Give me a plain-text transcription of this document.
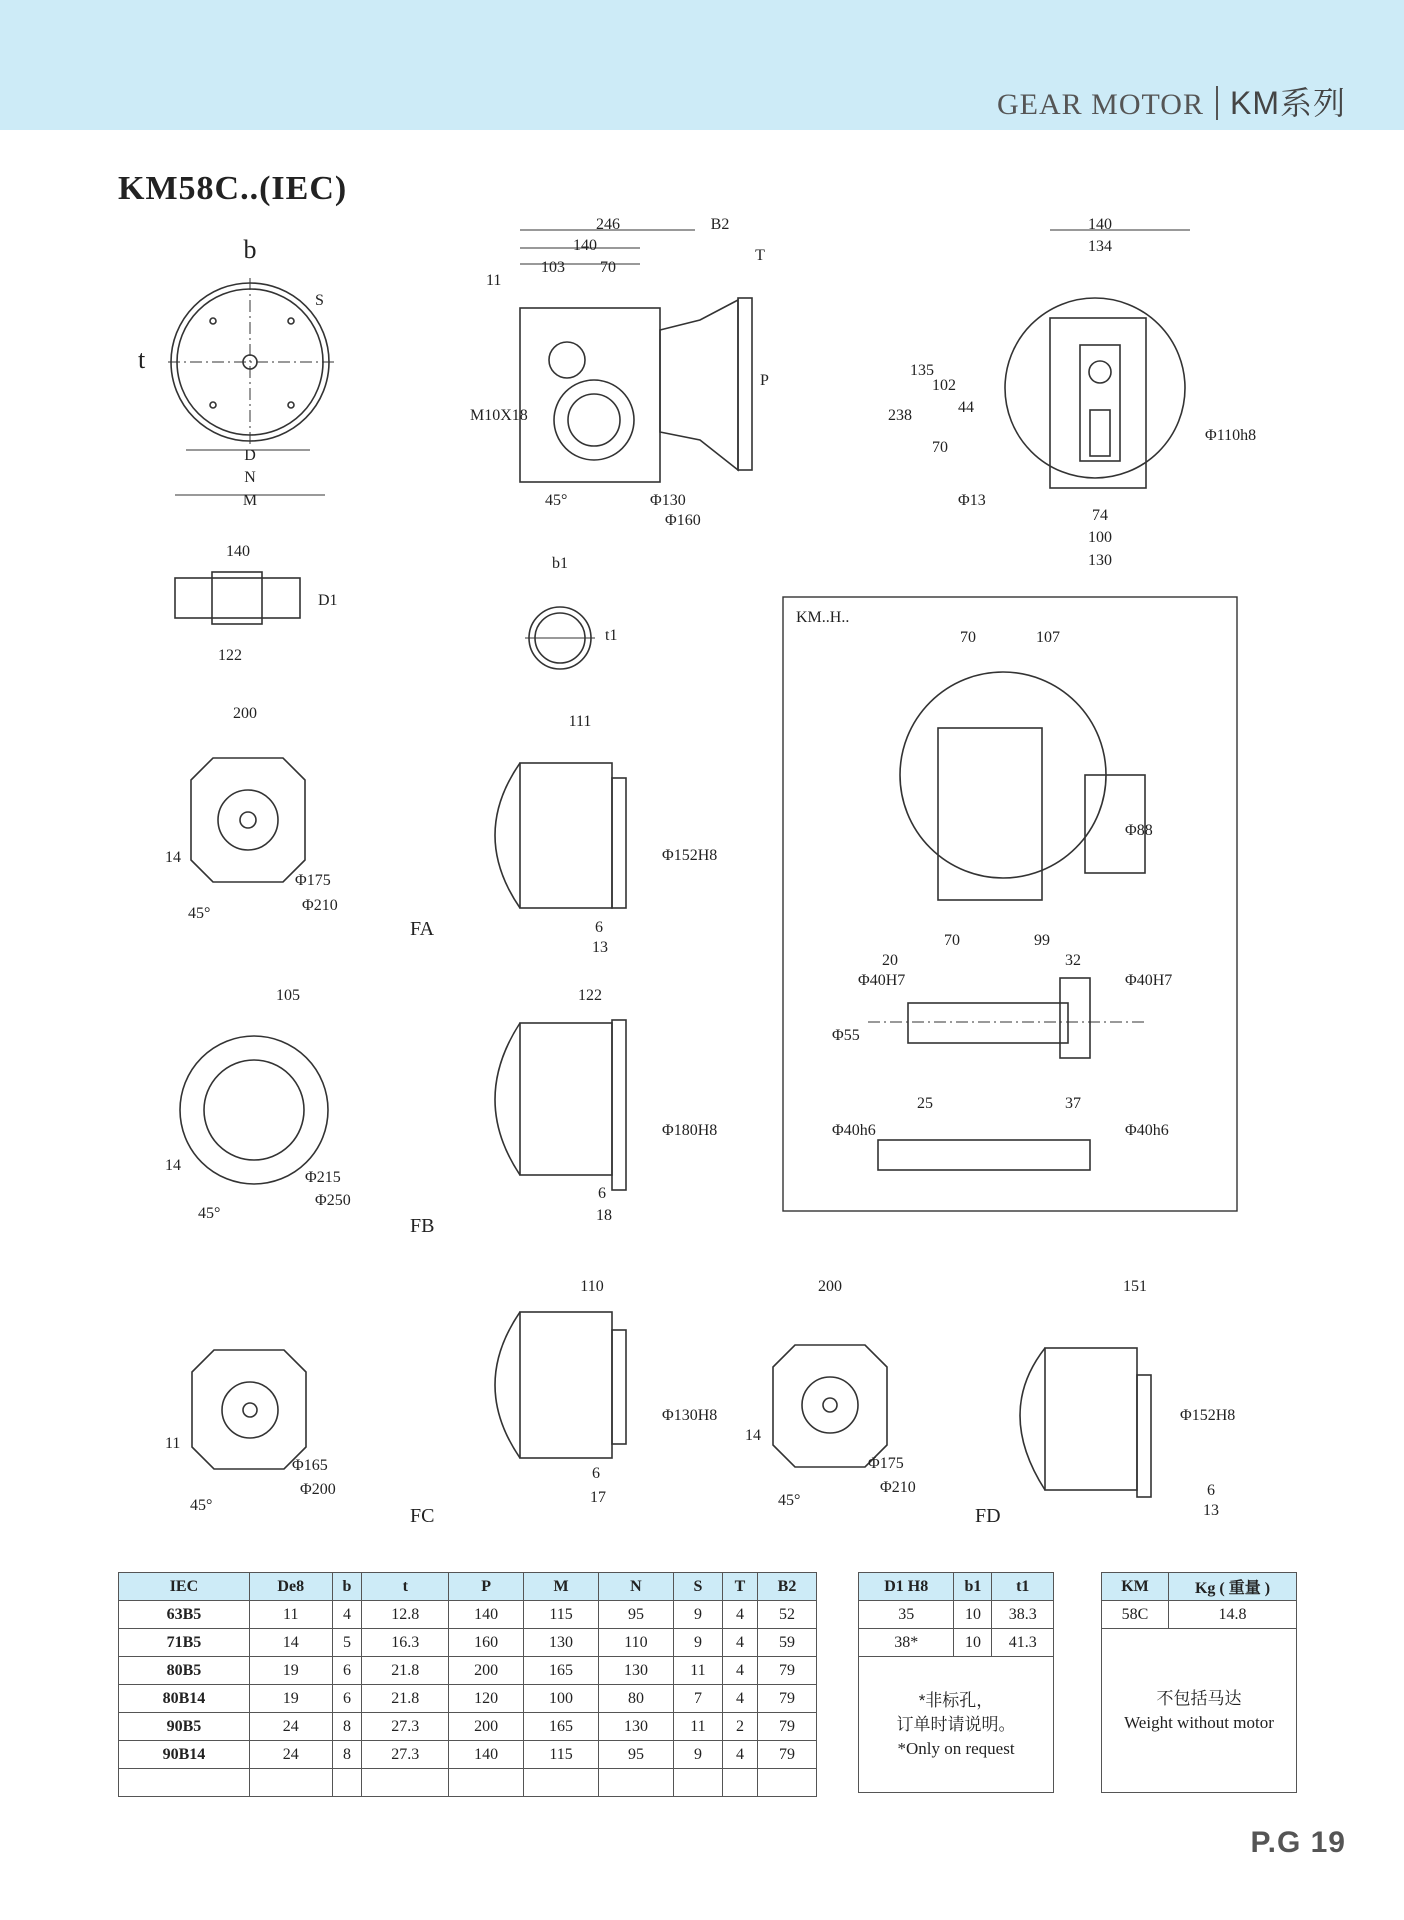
GEAR MOTOR KM系列
KM58C..(IEC)
b
S
t
D
N
M
246	B2
140
103 70
T
11
M10X18
P
45°	Φ130
Φ160
140
134
238
135
102
44
70
Φ13
Φ110h8
74
100
130
140
122
D1
b1
t1
200
14
45°
Φ175
Φ210
111
Φ152H8
6
13
FA
105
14
45°
Φ215
Φ250
122
Φ180H8
6
18
FB
11
45°
Φ165
Φ200
110
Φ130H8
6
17
FC
200
14
45°
Φ175
Φ210
151
Φ152H8
6
13
FD
KM..H..
70	107
Φ88
Φ40H7
20
70	99
32
Φ40H7
Φ55
Φ40h6
25	37
Φ40h6
IEC	De8	b	t	P	M	N	S	T	B2
63B5	11	4	12.8	140	115	95	9	4	52
71B5	14	5	16.3	160	130	110	9	4	59
80B5	19	6	21.8	200	165	130	11	4	79
80B14	19	6	21.8	120	100	80	7	4	79
90B5	24	8	27.3	200	165	130	11	2	79
90B14	24	8	27.3	140	115	95	9	4	79

D1 H8	b1	t1
35	10	38.3
38*	10	41.3

*非标孔，
订单时请说明。
*Only on request		
KM	Kg ( 重量 )
58C	14.8

不包括马达
Weight without motor	
P.G 19
